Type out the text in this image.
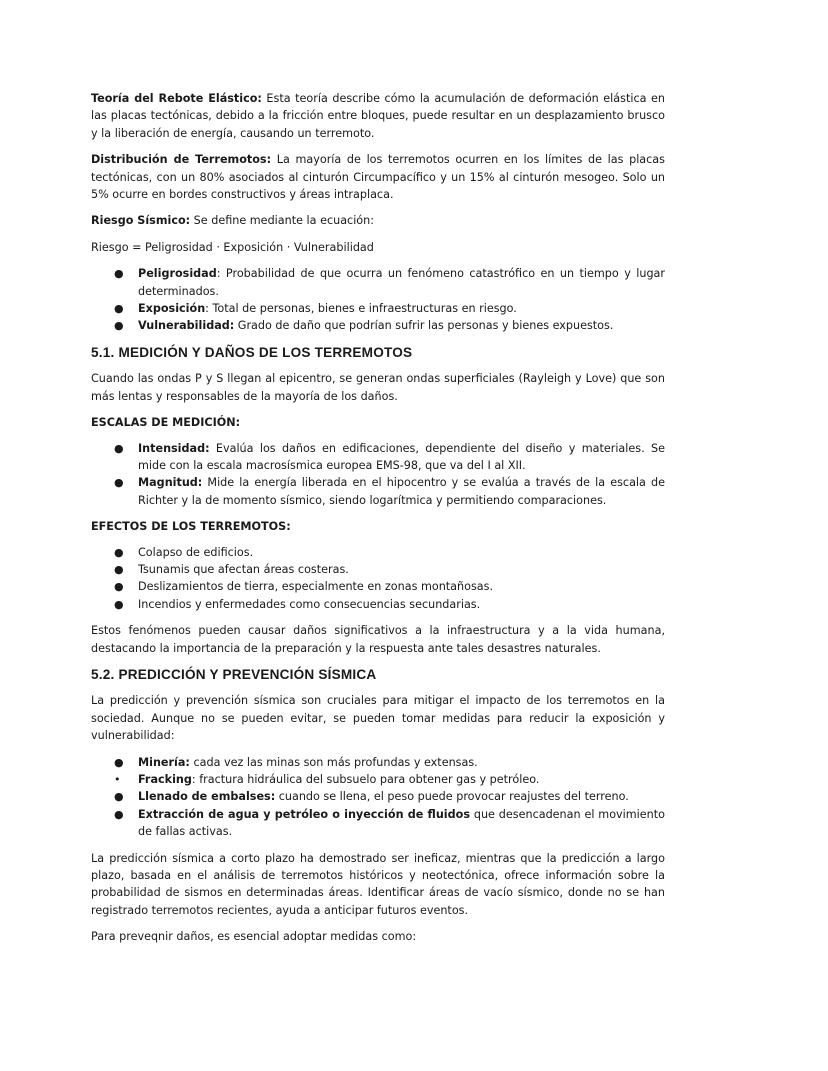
Teoría del Rebote Elástico: Esta teoría describe cómo la acumulación de deformación elástica en las placas tectónicas, debido a la fricción entre bloques, puede resultar en un desplazamiento brusco y la liberación de energía, causando un terremoto.

Distribución de Terremotos: La mayoría de los terremotos ocurren en los límites de las placas tectónicas, con un 80% asociados al cinturón Circumpacífico y un 15% al cinturón mesogeo. Solo un 5% ocurre en bordes constructivos y áreas intraplaca.

Riesgo Sísmico: Se define mediante la ecuación:

Riesgo = Peligrosidad · Exposición · Vulnerabilidad
● Peligrosidad: Probabilidad de que ocurra un fenómeno catastrófico en un tiempo y lugar determinados.
● Exposición: Total de personas, bienes e infraestructuras en riesgo.
● Vulnerabilidad: Grado de daño que podrían sufrir las personas y bienes expuestos.
5.1. MEDICIÓN Y DAÑOS DE LOS TERREMOTOS

Cuando las ondas P y S llegan al epicentro, se generan ondas superficiales (Rayleigh y Love) que son más lentas y responsables de la mayoría de los daños.

ESCALAS DE MEDICIÓN:
● Intensidad: Evalúa los daños en edificaciones, dependiente del diseño y materiales. Se mide con la escala macrosísmica europea EMS-98, que va del I al XII.
● Magnitud: Mide la energía liberada en el hipocentro y se evalúa a través de la escala de Richter y la de momento sísmico, siendo logarítmica y permitiendo comparaciones.
EFECTOS DE LOS TERREMOTOS:
● Colapso de edificios.
● Tsunamis que afectan áreas costeras.
● Deslizamientos de tierra, especialmente en zonas montañosas.
● Incendios y enfermedades como consecuencias secundarias.

Estos fenómenos pueden causar daños significativos a la infraestructura y a la vida humana, destacando la importancia de la preparación y la respuesta ante tales desastres naturales.

5.2. PREDICCIÓN Y PREVENCIÓN SÍSMICA

La predicción y prevención sísmica son cruciales para mitigar el impacto de los terremotos en la sociedad. Aunque no se pueden evitar, se pueden tomar medidas para reducir la exposición y vulnerabilidad:

● Minería: cada vez las minas son más profundas y extensas.
• Fracking: fractura hidráulica del subsuelo para obtener gas y petróleo.
● Llenado de embalses: cuando se llena, el peso puede provocar reajustes del terreno.
● Extracción de agua y petróleo o inyección de fluidos que desencadenan el movimiento de fallas activas.

La predicción sísmica a corto plazo ha demostrado ser ineficaz, mientras que la predicción a largo plazo, basada en el análisis de terremotos históricos y neotectónica, ofrece información sobre la probabilidad de sismos en determinadas áreas. Identificar áreas de vacío sísmico, donde no se han registrado terremotos recientes, ayuda a anticipar futuros eventos.

Para preveqnir daños, es esencial adoptar medidas como:
